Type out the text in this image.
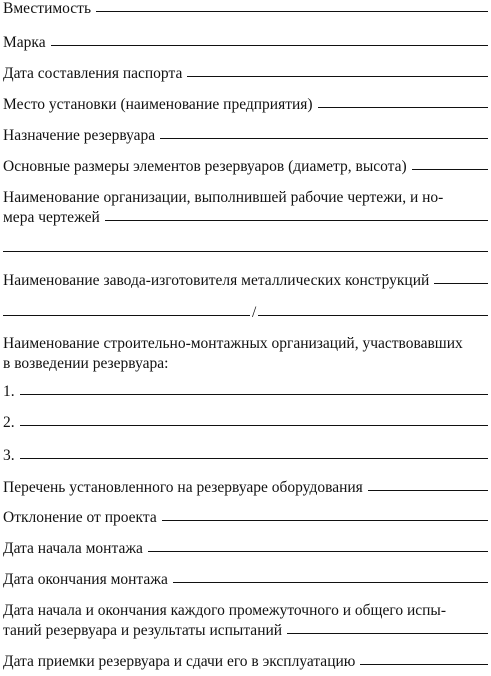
Вместимость
Марка
Дата составления паспорта
Место установки (наименование предприятия)
Назначение резервуара
Основные размеры элементов резервуаров (диаметр, высота)
Наименование организации, выполнившей рабочие чертежи, и но-
мера чертежей
Наименование завода-изготовителя металлических конструкций
/
Наименование строительно-монтажных организаций, участвовавших
в возведении резервуара:
1.
2.
3.
Перечень установленного на резервуаре оборудования
Отклонение от проекта
Дата начала монтажа
Дата окончания монтажа
Дата начала и окончания каждого промежуточного и общего испы-
таний резервуара и результаты испытаний
Дата приемки резервуара и сдачи его в эксплуатацию
